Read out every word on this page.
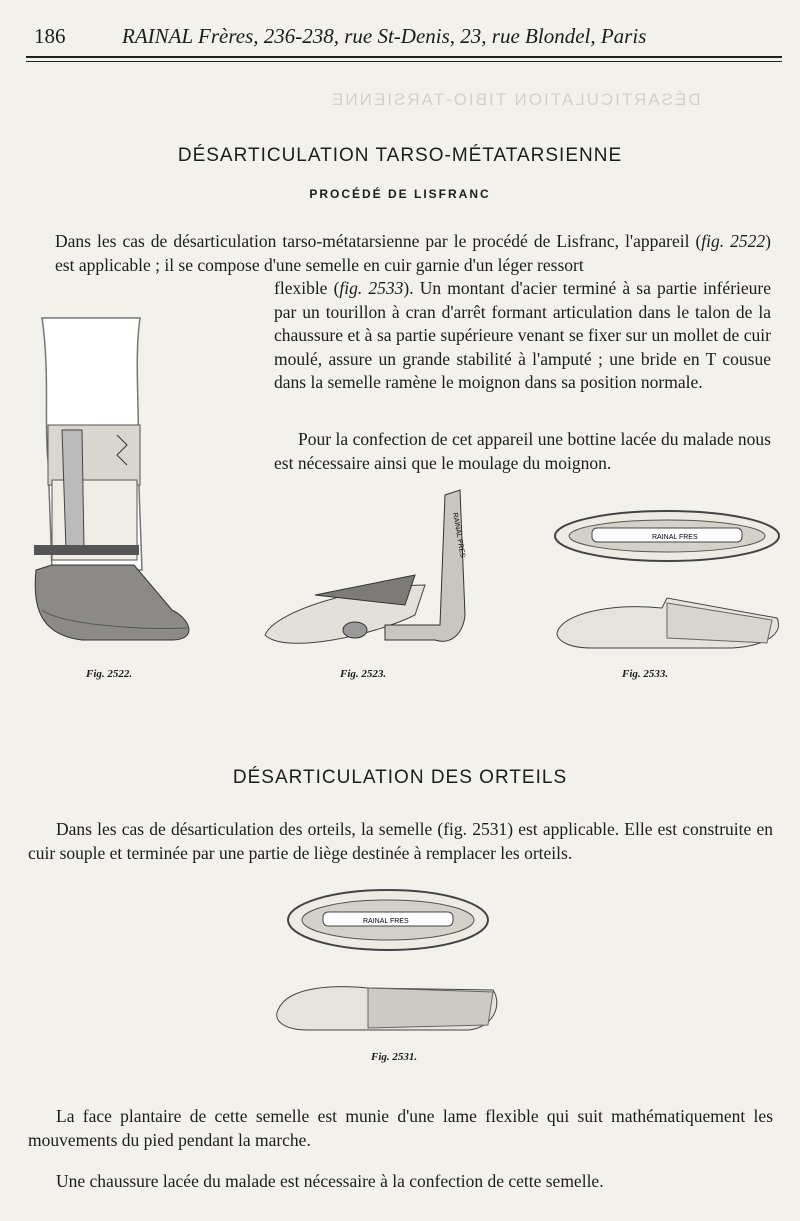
DÉSARTICULATION TIBIO-TARSIENNE
186	RAINAL Frères, 236-238, rue St-Denis, 23, rue Blondel, Paris
DÉSARTICULATION TARSO-MÉTATARSIENNE
PROCÉDÉ DE LISFRANC

Dans les cas de désarticulation tarso-métatarsienne par le procédé de Lisfranc, l'appareil (fig. 2522) est applicable ; il se compose d'une semelle en cuir garnie d'un léger ressort

flexible (fig. 2533). Un montant d'acier terminé à sa partie inférieure par un tourillon à cran d'arrêt formant articulation dans le talon de la chaussure et à sa partie supérieure venant se fixer sur un mollet de cuir moulé, assure un grande stabilité à l'amputé ; une bride en T cousue dans la semelle ramène le moignon dans sa position normale.

Pour la confection de cet appareil une bottine lacée du malade nous est nécessaire ainsi que le moulage du moignon.

Fig. 2522.
RAINAL FRES
Fig. 2523.
RAINAL FRES
Fig. 2533.
DÉSARTICULATION DES ORTEILS

Dans les cas de désarticulation des orteils, la semelle (fig. 2531) est applicable. Elle est construite en cuir souple et terminée par une partie de liège destinée à remplacer les orteils.

RAINAL FRES
Fig. 2531.

La face plantaire de cette semelle est munie d'une lame flexible qui suit mathématiquement les mouvements du pied pendant la marche.

Une chaussure lacée du malade est nécessaire à la confection de cette semelle.
